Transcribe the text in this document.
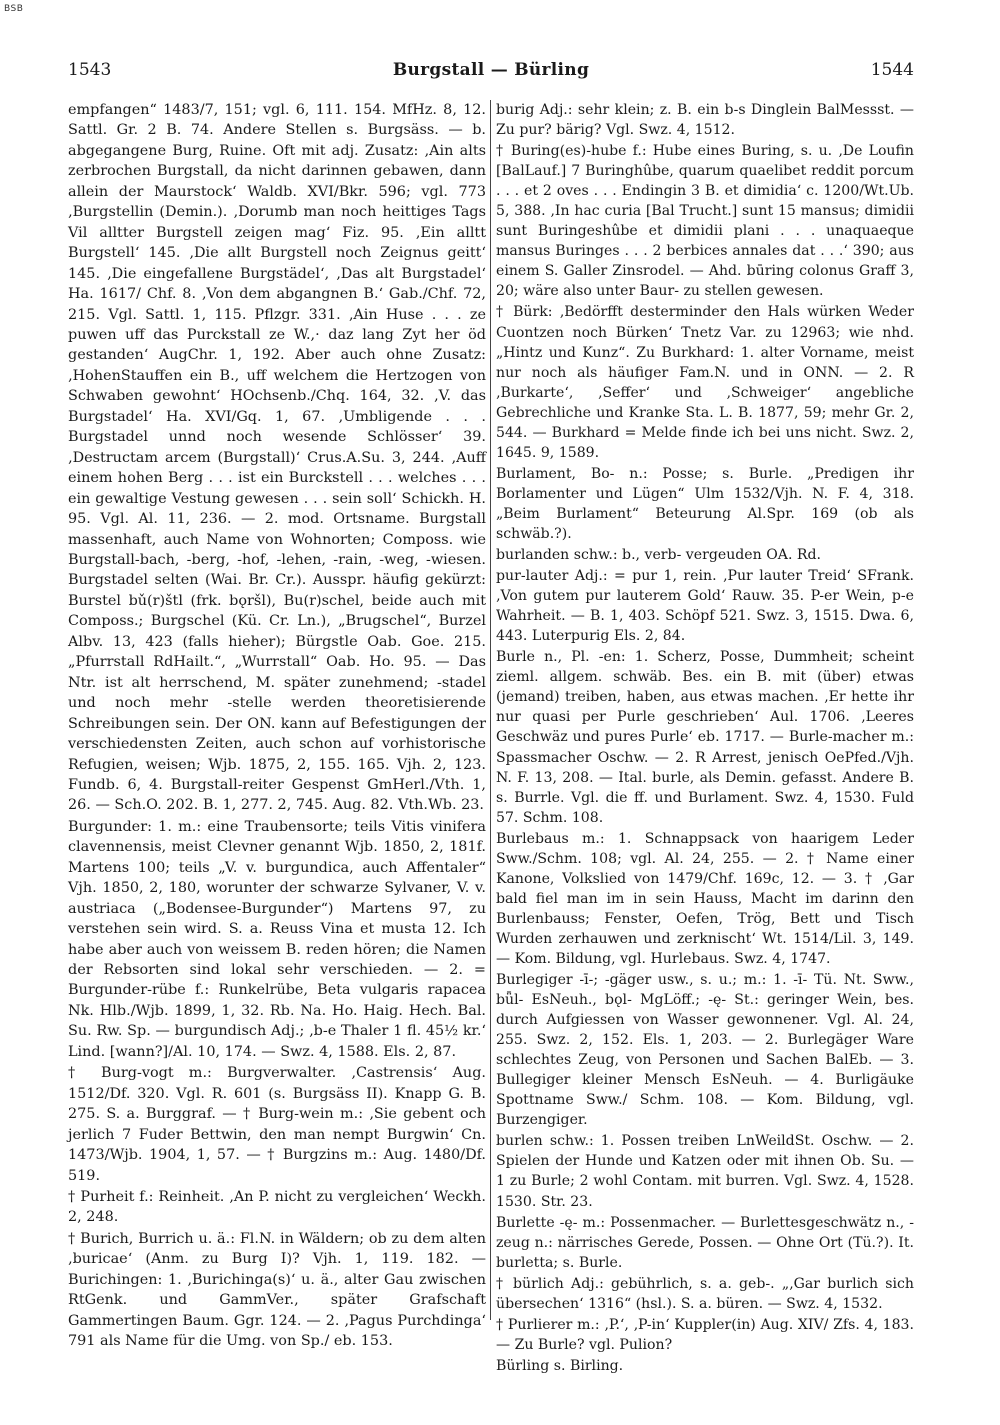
BSB
1543	Burgstall — Bürling	1544

empfangen“ 1483/7, 151; vgl. 6, 111. 154. MfHz. 8, 12. Sattl. Gr. 2 B. 74. Andere Stellen s. Burgsäss. — b. abgegangene Burg, Ruine. Oft mit adj. Zusatz: ‚Ain alts zerbrochen Burgstall, da nicht darinnen gebawen, dann allein der Maurstock‘ Waldb. XVI/Bkr. 596; vgl. 773 ‚Burgstellin (Demin.). ‚Dorumb man noch heittiges Tags Vil alltter Burgstell zeigen mag‘ Fiz. 95. ‚Ein alltt Burgstell‘ 145. ‚Die allt Burgstell noch Zeignus geitt‘ 145. ‚Die eingefallene Burgstädel‘, ‚Das alt Burgstadel‘ Ha. 1617/ Chf. 8. ‚Von dem abgangnen B.‘ Gab./Chf. 72, 215. Vgl. Sattl. 1, 115. Pflzgr. 331. ‚Ain Huse . . . ze puwen uff das Purckstall ze W.,· daz lang Zyt her öd gestanden‘ AugChr. 1, 192. Aber auch ohne Zusatz: ‚HohenStauffen ein B., uff welchem die Hertzogen von Schwaben gewohnt‘ HOchsenb./Chq. 164, 32. ‚V. das Burgstadel‘ Ha. XVI/Gq. 1, 67. ‚Umbligende . . . Burgstadel unnd noch wesende Schlösser‘ 39. ‚Destructam arcem (Burgstall)‘ Crus.A.Su. 3, 244. ‚Auff einem hohen Berg . . . ist ein Burckstell . . . welches . . . ein gewaltige Vestung gewesen . . . sein soll‘ Schickh. H. 95. Vgl. Al. 11, 236. — 2. mod. Ortsname. Burgstall massenhaft, auch Name von Wohnorten; Composs. wie Burgstall-bach, -berg, -hof, -lehen, -rain, -weg, -wiesen. Burgstadel selten (Wai. Br. Cr.). Ausspr. häufig gekürzt: Burstel bǔ(r)štl (frk. bǫršl), Bu(r)schel, beide auch mit Composs.; Burgschel (Kü. Cr. Ln.), „Brugschel“, Burzel Albv. 13, 423 (falls hieher); Bürgstle Oab. Goe. 215. „Pfurrstall RdHailt.“, „Wurrstall“ Oab. Ho. 95. — Das Ntr. ist alt herrschend, M. später zunehmend; -stadel und noch mehr -stelle werden theoretisierende Schreibungen sein. Der ON. kann auf Befestigungen der verschiedensten Zeiten, auch schon auf vorhistorische Refugien, weisen; Wjb. 1875, 2, 155. 165. Vjh. 2, 123. Fundb. 6, 4. Burgstall-reiter Gespenst GmHerl./Vth. 1, 26. — Sch.O. 202. B. 1, 277. 2, 745. Aug. 82. Vth.Wb. 23.

Burgunder: 1. m.: eine Traubensorte; teils Vitis vinifera clavennensis, meist Clevner genannt Wjb. 1850, 2, 181f. Martens 100; teils „V. v. burgundica, auch Affentaler“ Vjh. 1850, 2, 180, worunter der schwarze Sylvaner, V. v. austriaca („Bodensee-Burgunder“) Martens 97, zu verstehen sein wird. S. a. Reuss Vina et musta 12. Ich habe aber auch von weissem B. reden hören; die Namen der Rebsorten sind lokal sehr verschieden. — 2. = Burgunder-rübe f.: Runkelrübe, Beta vulgaris rapacea Nk. Hlb./Wjb. 1899, 1, 32. Rb. Na. Ho. Haig. Hech. Bal. Su. Rw. Sp. — burgundisch Adj.; ‚b-e Thaler 1 fl. 45½ kr.‘ Lind. [wann?]/Al. 10, 174. — Swz. 4, 1588. Els. 2, 87.

† Burg-vogt m.: Burgverwalter. ‚Castrensis‘ Aug. 1512/Df. 320. Vgl. R. 601 (s. Burgsäss II). Knapp G. B. 275. S. a. Burggraf. — † Burg-wein m.: ‚Sie gebent och jerlich 7 Fuder Bettwin, den man nempt Burgwin‘ Cn. 1473/Wjb. 1904, 1, 57. — † Burgzins m.: Aug. 1480/Df. 519.

† Purheit f.: Reinheit. ‚An P. nicht zu vergleichen‘ Weckh. 2, 248.

† Burich, Burrich u. ä.: Fl.N. in Wäldern; ob zu dem alten ‚buricae‘ (Anm. zu Burg I)? Vjh. 1, 119. 182. — Burichingen: 1. ‚Burichinga(s)‘ u. ä., alter Gau zwischen RtGenk. und GammVer., später Grafschaft Gammertingen Baum. Ggr. 124. — 2. ‚Pagus Purchdinga‘ 791 als Name für die Umg. von Sp./ eb. 153.

burig Adj.: sehr klein; z. B. ein b-s Dinglein BalMessst. — Zu pur? bärig? Vgl. Swz. 4, 1512.

† Buring(es)-hube f.: Hube eines Buring, s. u. ‚De Loufin [BalLauf.] 7 Buringhûbe, quarum quaelibet reddit porcum . . . et 2 oves . . . Endingin 3 B. et dimidia‘ c. 1200/Wt.Ub. 5, 388. ‚In hac curia [Bal Trucht.] sunt 15 mansus; dimidii sunt Buringeshûbe et dimidii plani . . . unaquaeque mansus Buringes . . . 2 berbices annales dat . . .‘ 390; aus einem S. Galler Zinsrodel. — Ahd. būring colonus Graff 3, 20; wäre also unter Baur- zu stellen gewesen.

† Bürk: ‚Bedörfft desterminder den Hals würken Weder Cuontzen noch Bürken‘ Tnetz Var. zu 12963; wie nhd. „Hintz und Kunz“. Zu Burkhard: 1. alter Vorname, meist nur noch als häufiger Fam.N. und in ONN. — 2. R ‚Burkarte‘, ‚Seffer‘ und ‚Schweiger‘ angebliche Gebrechliche und Kranke Sta. L. B. 1877, 59; mehr Gr. 2, 544. — Burkhard = Melde finde ich bei uns nicht. Swz. 2, 1645. 9, 1589.

Burlament, Bo- n.: Posse; s. Burle. „Predigen ihr Borlamenter und Lügen“ Ulm 1532/Vjh. N. F. 4, 318. „Beim Burlament“ Beteurung Al.Spr. 169 (ob als schwäb.?).

burlanden schw.: b., verb- vergeuden OA. Rd.

pur-lauter Adj.: = pur 1, rein. ‚Pur lauter Treid‘ SFrank. ‚Von gutem pur lauterem Gold‘ Rauw. 35. P-er Wein, p-e Wahrheit. — B. 1, 403. Schöpf 521. Swz. 3, 1515. Dwa. 6, 443. Luterpurig Els. 2, 84.

Burle n., Pl. -en: 1. Scherz, Posse, Dummheit; scheint zieml. allgem. schwäb. Bes. ein B. mit (über) etwas (jemand) treiben, haben, aus etwas machen. ‚Er hette ihr nur quasi per Purle geschrieben‘ Aul. 1706. ‚Leeres Geschwäz und pures Purle‘ eb. 1717. — Burle-macher m.: Spassmacher Oschw. — 2. R Arrest, jenisch OePfed./Vjh. N. F. 13, 208. — Ital. burle, als Demin. gefasst. Andere B. s. Burrle. Vgl. die ff. und Burlament. Swz. 4, 1530. Fuld 57. Schm. 108.

Burlebaus m.: 1. Schnappsack von haarigem Leder Sww./Schm. 108; vgl. Al. 24, 255. — 2. † Name einer Kanone, Volkslied von 1479/Chf. 169c, 12. — 3. † ‚Gar bald fiel man im in sein Hauss, Macht im darinn den Burlenbauss; Fenster, Oefen, Trög, Bett und Tisch Wurden zerhauwen und zerknischt‘ Wt. 1514/Lil. 3, 149. — Kom. Bildung, vgl. Hurlebaus. Swz. 4, 1747.

Burlegiger -ī-; -gäger usw., s. u.; m.: 1. -ī- Tü. Nt. Sww., bǖl- EsNeuh., bǫl- MgLöff.; -ę- St.: geringer Wein, bes. durch Aufgiessen von Wasser gewonnener. Vgl. Al. 24, 255. Swz. 2, 152. Els. 1, 203. — 2. Burlegäger Ware schlechtes Zeug, von Personen und Sachen BalEb. — 3. Bullegiger kleiner Mensch EsNeuh. — 4. Burligäuke Spottname Sww./ Schm. 108. — Kom. Bildung, vgl. Burzengiger.

burlen schw.: 1. Possen treiben LnWeildSt. Oschw. — 2. Spielen der Hunde und Katzen oder mit ihnen Ob. Su. — 1 zu Burle; 2 wohl Contam. mit burren. Vgl. Swz. 4, 1528. 1530. Str. 23.

Burlette -ę- m.: Possenmacher. — Burlettesgeschwätz n., -zeug n.: närrisches Gerede, Possen. — Ohne Ort (Tü.?). It. burletta; s. Burle.

† bürlich Adj.: gebührlich, s. a. geb-. „‚Gar burlich sich übersechen‘ 1316“ (hsl.). S. a. büren. — Swz. 4, 1532.

† Purlierer m.: ‚P.‘, ‚P-in‘ Kuppler(in) Aug. XIV/ Zfs. 4, 183. — Zu Burle? vgl. Pulion?

Bürling s. Birling.
